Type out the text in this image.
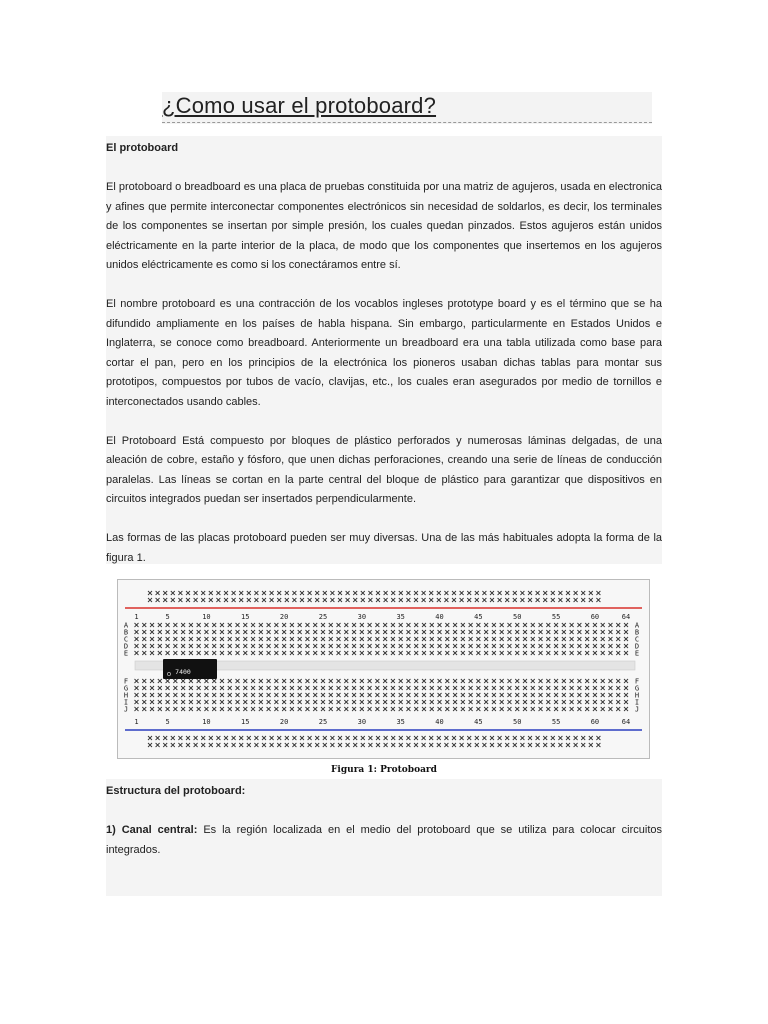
¿Como usar el protoboard?

El protoboard

El protoboard o breadboard es una placa de pruebas constituida por una matriz de agujeros, usada en electronica y afines que permite interconectar componentes electrónicos sin necesidad de soldarlos, es decir, los terminales de los componentes se insertan por simple presión, los cuales quedan pinzados. Estos agujeros están unidos eléctricamente en la parte interior de la placa, de modo que los componentes que insertemos en los agujeros unidos eléctricamente es como si los conectáramos entre sí.

El nombre protoboard es una contracción de los vocablos ingleses prototype board y es el término que se ha difundido ampliamente en los países de habla hispana. Sin embargo, particularmente en Estados Unidos e Inglaterra, se conoce como breadboard. Anteriormente un breadboard era una tabla utilizada como base para cortar el pan, pero en los principios de la electrónica los pioneros usaban dichas tablas para montar sus prototipos, compuestos por tubos de vacío, clavijas, etc., los cuales eran asegurados por medio de tornillos e interconectados usando cables.

El Protoboard Está compuesto por bloques de plástico perforados y numerosas láminas delgadas, de una aleación de cobre, estaño y fósforo, que unen dichas perforaciones, creando una serie de líneas de conducción paralelas. Las líneas se cortan en la parte central del bloque de plástico para garantizar que dispositivos en circuitos integrados puedan ser insertados perpendicularmente.

Las formas de las placas protoboard pueden ser muy diversas. Una de las más habituales adopta la forma de la figura 1.

1
1
5
5
10
10
15
15
20
20
25
25
30
30
35
35
40
40
45
45
50
50
55
55
60
60
64
64
A	A
B	B
C	C
D	D
E	E
F	F
G	G
H	H
I	I
J	J
7400
Figura 1: Protoboard

Estructura del protoboard:

1) Canal central: Es la región localizada en el medio del protoboard que se utiliza para colocar circuitos integrados.
